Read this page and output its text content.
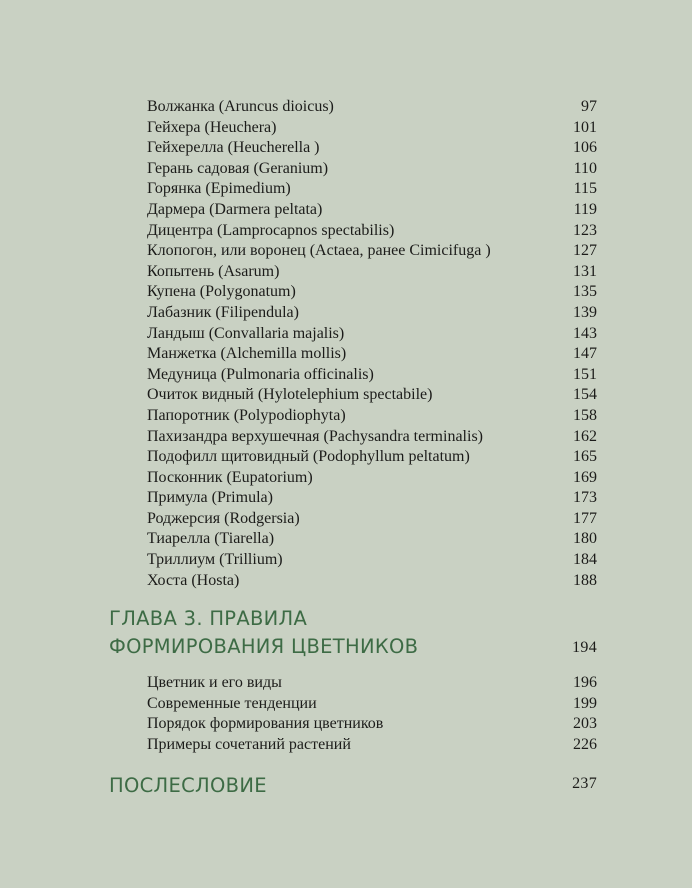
Волжанка (Aruncus dioicus)	97
Гейхера (Heuchera)	101
Гейхерелла (Heucherella )	106
Герань садовая (Geranium)	110
Горянка (Epimedium)	115
Дармера (Darmera peltata)	119
Дицентра (Lamprocapnos spectabilis)	123
Клопогон, или воронец (Actaea, ранее Cimicifuga )	127
Копытень (Asarum)	131
Купена (Polygonatum)	135
Лабазник (Filipendula)	139
Ландыш (Convallaria majalis)	143
Манжетка (Alchemilla mollis)	147
Медуница (Pulmonaria officinalis)	151
Очиток видный (Hylotelephium spectabile)	154
Папоротник (Polypodiophyta)	158
Пахизандра верхушечная (Pachysandra terminalis)	162
Подофилл щитовидный (Podophyllum peltatum)	165
Посконник (Eupatorium)	169
Примула (Primula)	173
Роджерсия (Rodgersia)	177
Тиарелла (Tiarella)	180
Триллиум (Trillium)	184
Хоста (Hosta)	188
ГЛАВА 3. ПРАВИЛА
ФОРМИРОВАНИЯ ЦВЕТНИКОВ	194
Цветник и его виды	196
Современные тенденции	199
Порядок формирования цветников	203
Примеры сочетаний растений	226
ПОСЛЕСЛОВИЕ	237
